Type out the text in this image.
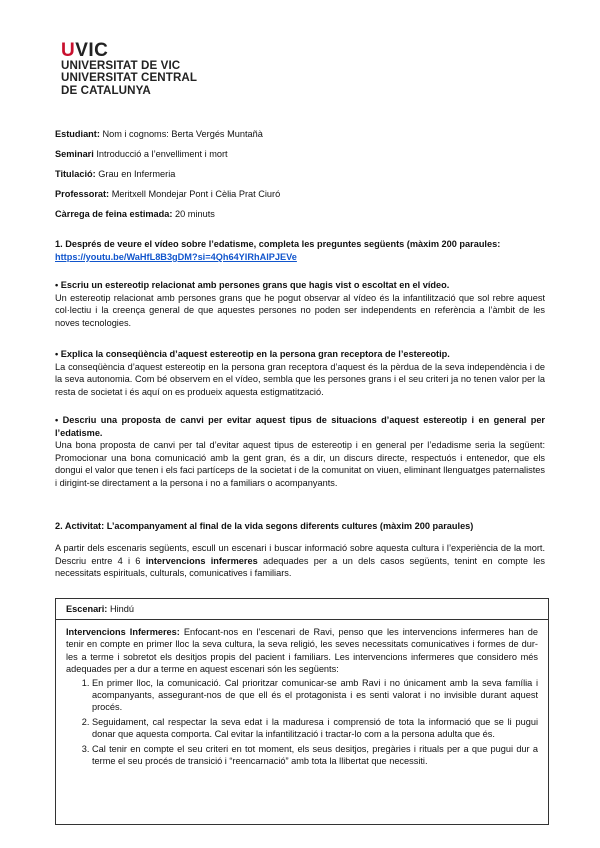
UVIC
UNIVERSITAT DE VIC
UNIVERSITAT CENTRAL
DE CATALUNYA
Estudiant: Nom i cognoms: Berta Vergés Muntañà
Seminari Introducció a l’envelliment i mort
Titulació: Grau en Infermeria
Professorat: Meritxell Mondejar Pont i Cèlia Prat Ciuró
Càrrega de feina estimada: 20 minuts

1. Després de veure el vídeo sobre l’edatisme, completa les preguntes següents (màxim 200 paraules:

https://youtu.be/WaHfL8B3gDM?si=4Qh64YIRhAlPJEVe

• Escriu un estereotip relacionat amb persones grans que hagis vist o escoltat en el vídeo.

Un estereotip relacionat amb persones grans que he pogut observar al vídeo és la infantilització que sol rebre aquest col·lectiu i la creença general de que aquestes persones no poden ser independents en referència a l’àmbit de les noves tecnologies.

• Explica la conseqüència d’aquest estereotip en la persona gran receptora de l’estereotip.

La conseqüència d’aquest estereotip en la persona gran receptora d’aquest és la pèrdua de la seva independència i de la seva autonomia. Com bé observem en el vídeo, sembla que les persones grans i el seu criteri ja no tenen valor per la resta de societat i és aquí on es produeix aquesta estigmatització.

• Descriu una proposta de canvi per evitar aquest tipus de situacions d’aquest estereotip i en general per l’edatisme.

Una bona proposta de canvi per tal d’evitar aquest tipus de estereotip i en general per l’edadisme seria la següent: Promocionar una bona comunicació amb la gent gran, és a dir, un discurs directe, respectuós i entenedor, que els dongui el valor que tenen i els faci partíceps de la societat i de la comunitat on viuen, eliminant llenguatges paternalistes i dirigint-se directament a la persona i no a familiars o acompanyants.

2. Activitat: L’acompanyament al final de la vida segons diferents cultures (màxim 200 paraules)

A partir dels escenaris següents, escull un escenari i buscar informació sobre aquesta cultura i l’experiència de la mort. Descriu entre 4 i 6 intervencions infermeres adequades per a un dels casos següents, tenint en compte les necessitats espirituals, culturals, comunicatives i familiars.

Escenari: Hindú

Intervencions Infermeres: Enfocant-nos en l’escenari de Ravi, penso que les intervencions infermeres han de tenir en compte en primer lloc la seva cultura, la seva religió, les seves necessitats comunicatives i formes de dur-les a terme i sobretot els desitjos propis del pacient i familiars. Les intervencions infermeres que considero més adequades per a dur a terme en aquest escenari són les següents:

1. En primer lloc, la comunicació. Cal prioritzar comunicar-se amb Ravi i no únicament amb la seva família i acompanyants, assegurant-nos de que ell és el protagonista i es senti valorat i no invisible durant aquest procés.
2. Seguidament, cal respectar la seva edat i la maduresa i comprensió de tota la informació que se li pugui donar que aquesta comporta. Cal evitar la infantilització i tractar-lo com a la persona adulta que és.
3. Cal tenir en compte el seu criteri en tot moment, els seus desitjos, pregàries i rituals per a que pugui dur a terme el seu procés de transició i “reencarnació” amb tota la llibertat que necessiti.
